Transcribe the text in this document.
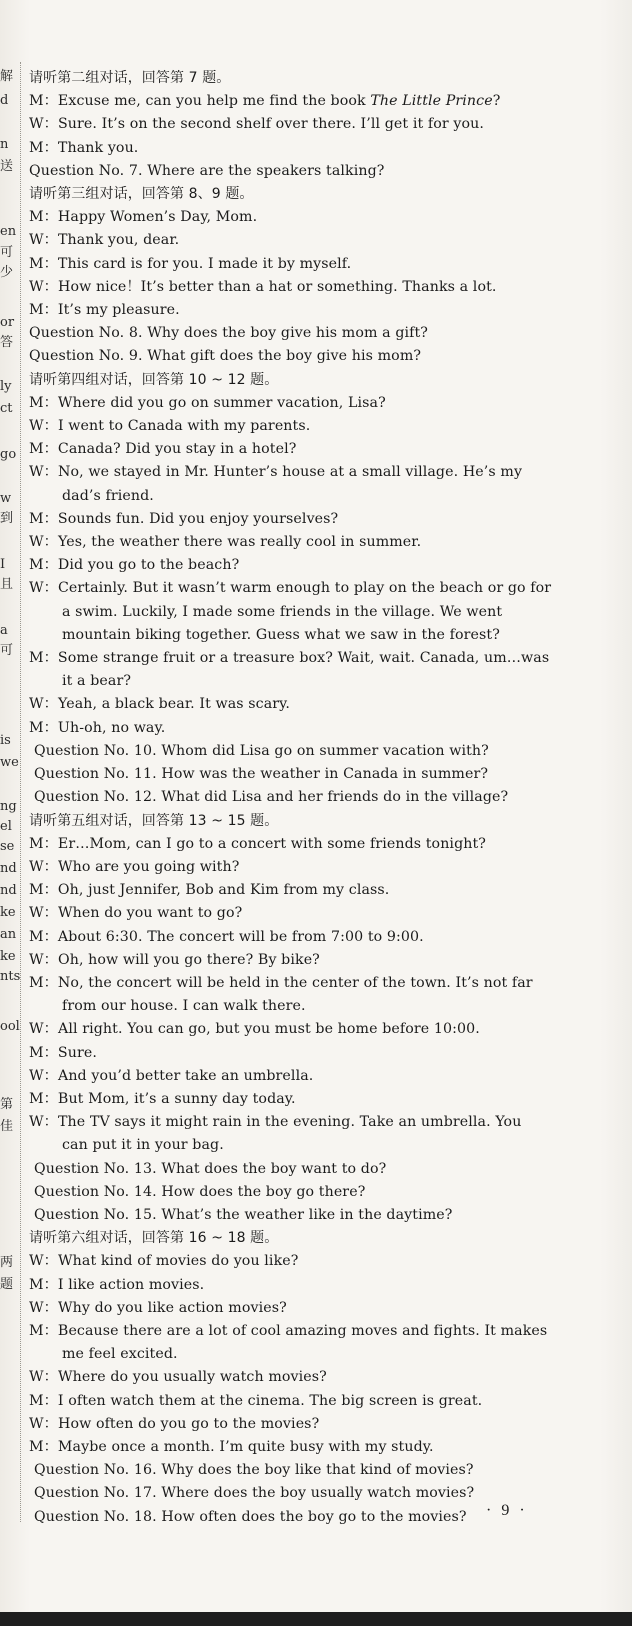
解
d
n
送
en
可
少
or
答
ly
ct
go
w
到
I
且
a
可
is
we
ng
el
se
nd
nd
ke
an
ke
nts
ool
第
佳
两
题
请听第二组对话，回答第 7 题。
M：Excuse me, can you help me find the book The Little Prince?
W：Sure. It’s on the second shelf over there. I’ll get it for you.
M：Thank you.
Question No. 7. Where are the speakers talking?
请听第三组对话，回答第 8、9 题。
M：Happy Women’s Day, Mom.
W：Thank you, dear.
M：This card is for you. I made it by myself.
W：How nice！It’s better than a hat or something. Thanks a lot.
M：It’s my pleasure.
Question No. 8. Why does the boy give his mom a gift?
Question No. 9. What gift does the boy give his mom?
请听第四组对话，回答第 10 ~ 12 题。
M：Where did you go on summer vacation, Lisa?
W：I went to Canada with my parents.
M：Canada? Did you stay in a hotel?
W：No, we stayed in Mr. Hunter’s house at a small village. He’s my
dad’s friend.
M：Sounds fun. Did you enjoy yourselves?
W：Yes, the weather there was really cool in summer.
M：Did you go to the beach?
W：Certainly. But it wasn’t warm enough to play on the beach or go for
a swim. Luckily, I made some friends in the village. We went
mountain biking together. Guess what we saw in the forest?
M：Some strange fruit or a treasure box? Wait, wait. Canada, um…was
it a bear?
W：Yeah, a black bear. It was scary.
M：Uh-oh, no way.
Question No. 10. Whom did Lisa go on summer vacation with?
Question No. 11. How was the weather in Canada in summer?
Question No. 12. What did Lisa and her friends do in the village?
请听第五组对话，回答第 13 ~ 15 题。
M：Er…Mom, can I go to a concert with some friends tonight?
W：Who are you going with?
M：Oh, just Jennifer, Bob and Kim from my class.
W：When do you want to go?
M：About 6:30. The concert will be from 7:00 to 9:00.
W：Oh, how will you go there? By bike?
M：No, the concert will be held in the center of the town. It’s not far
from our house. I can walk there.
W：All right. You can go, but you must be home before 10:00.
M：Sure.
W：And you’d better take an umbrella.
M：But Mom, it’s a sunny day today.
W：The TV says it might rain in the evening. Take an umbrella. You
can put it in your bag.
Question No. 13. What does the boy want to do?
Question No. 14. How does the boy go there?
Question No. 15. What’s the weather like in the daytime?
请听第六组对话，回答第 16 ~ 18 题。
W：What kind of movies do you like?
M：I like action movies.
W：Why do you like action movies?
M：Because there are a lot of cool amazing moves and fights. It makes
me feel excited.
W：Where do you usually watch movies?
M：I often watch them at the cinema. The big screen is great.
W：How often do you go to the movies?
M：Maybe once a month. I’m quite busy with my study.
Question No. 16. Why does the boy like that kind of movies?
Question No. 17. Where does the boy usually watch movies?
Question No. 18. How often does the boy go to the movies?	· 9 ·
